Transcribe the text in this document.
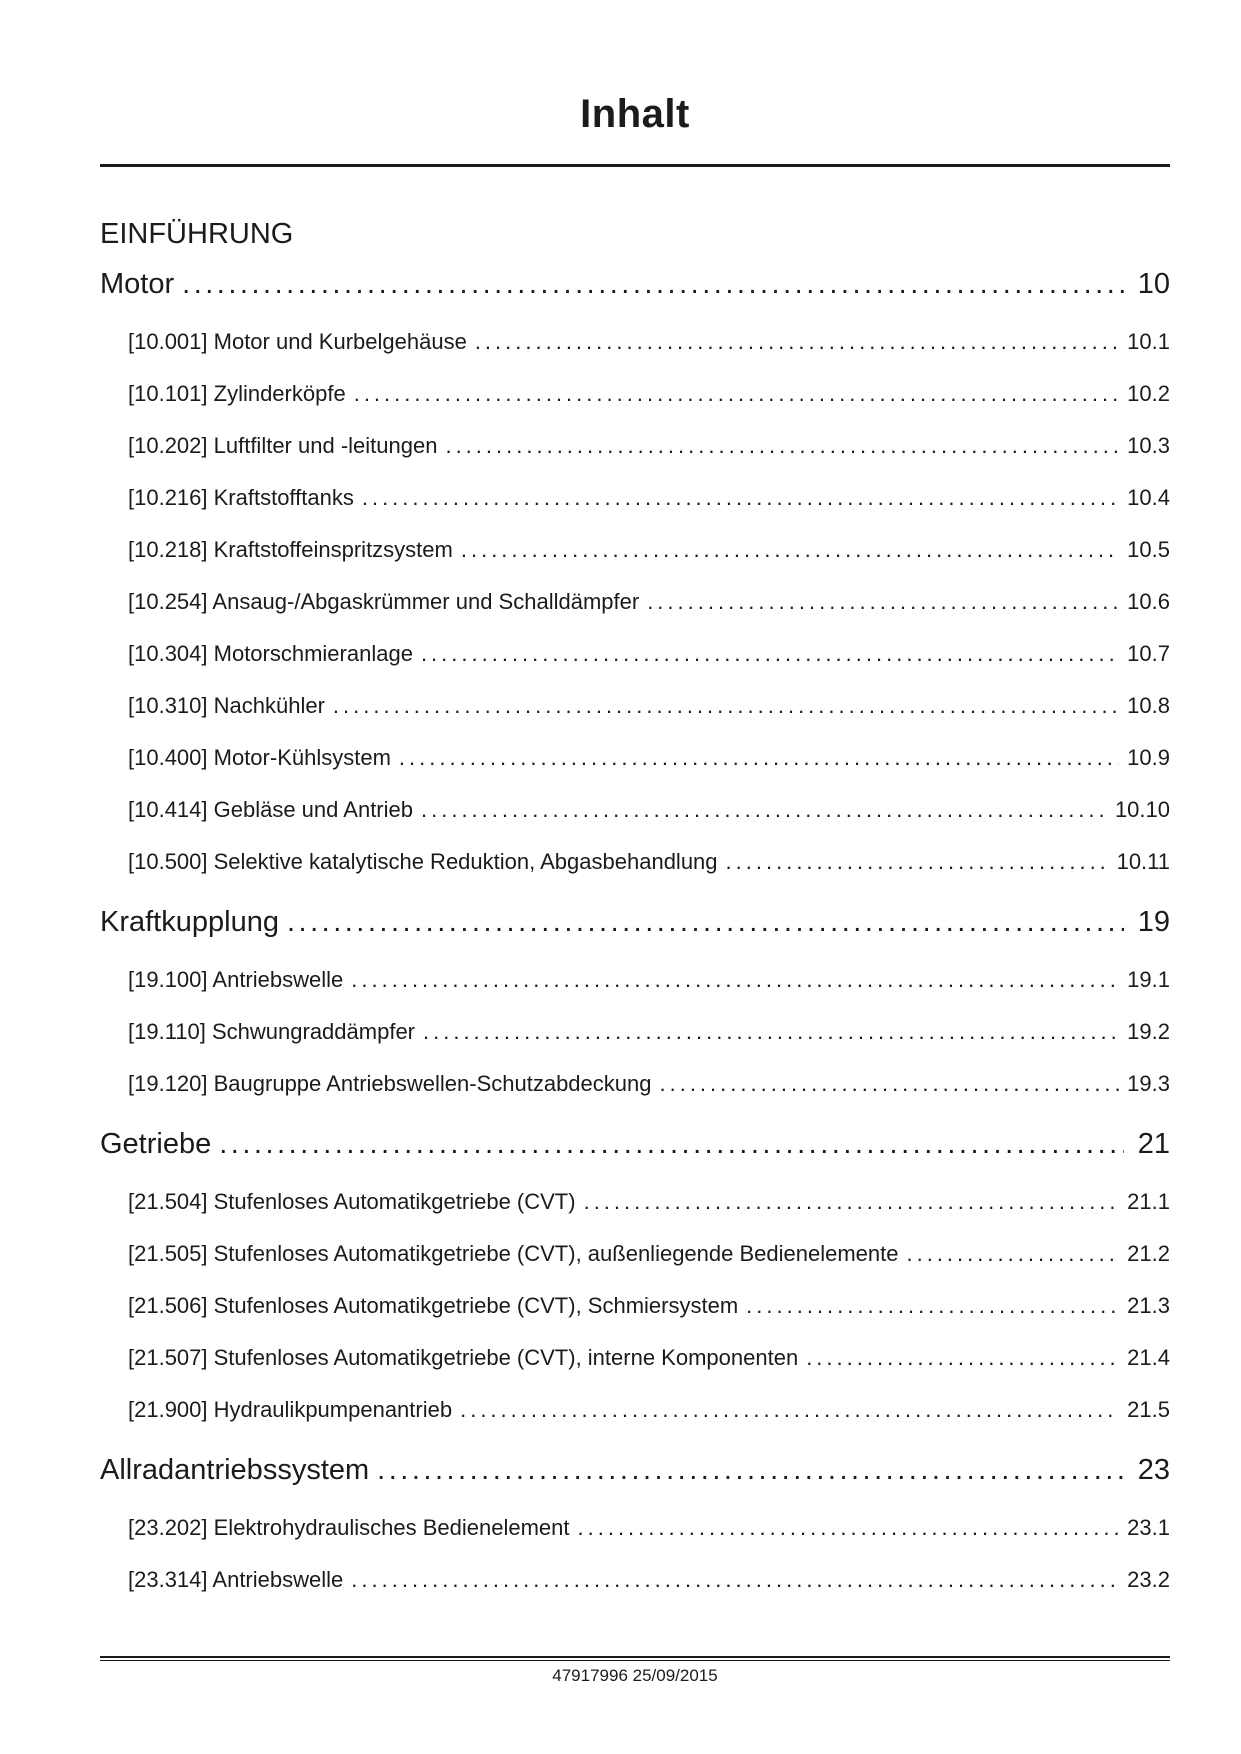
Inhalt
EINFÜHRUNG
Motor .....	10
[10.001] Motor und Kurbelgehäuse .....	10.1
[10.101] Zylinderköpfe .....	10.2
[10.202] Luftfilter und -leitungen .....	10.3
[10.216] Kraftstofftanks .....	10.4
[10.218] Kraftstoffeinspritzsystem .....	10.5
[10.254] Ansaug-/Abgaskrümmer und Schalldämpfer .....	10.6
[10.304] Motorschmieranlage .....	10.7
[10.310] Nachkühler .....	10.8
[10.400] Motor-Kühlsystem .....	10.9
[10.414] Gebläse und Antrieb .....	10.10
[10.500] Selektive katalytische Reduktion, Abgasbehandlung .....	10.11
Kraftkupplung .....	19
[19.100] Antriebswelle .....	19.1
[19.110] Schwungraddämpfer .....	19.2
[19.120] Baugruppe Antriebswellen-Schutzabdeckung .....	19.3
Getriebe .....	21
[21.504] Stufenloses Automatikgetriebe (CVT) .....	21.1
[21.505] Stufenloses Automatikgetriebe (CVT), außenliegende Bedienelemente .....	21.2
[21.506] Stufenloses Automatikgetriebe (CVT), Schmiersystem .....	21.3
[21.507] Stufenloses Automatikgetriebe (CVT), interne Komponenten .....	21.4
[21.900] Hydraulikpumpenantrieb .....	21.5
Allradantriebssystem .....	23
[23.202] Elektrohydraulisches Bedienelement .....	23.1
[23.314] Antriebswelle .....	23.2
47917996 25/09/2015
